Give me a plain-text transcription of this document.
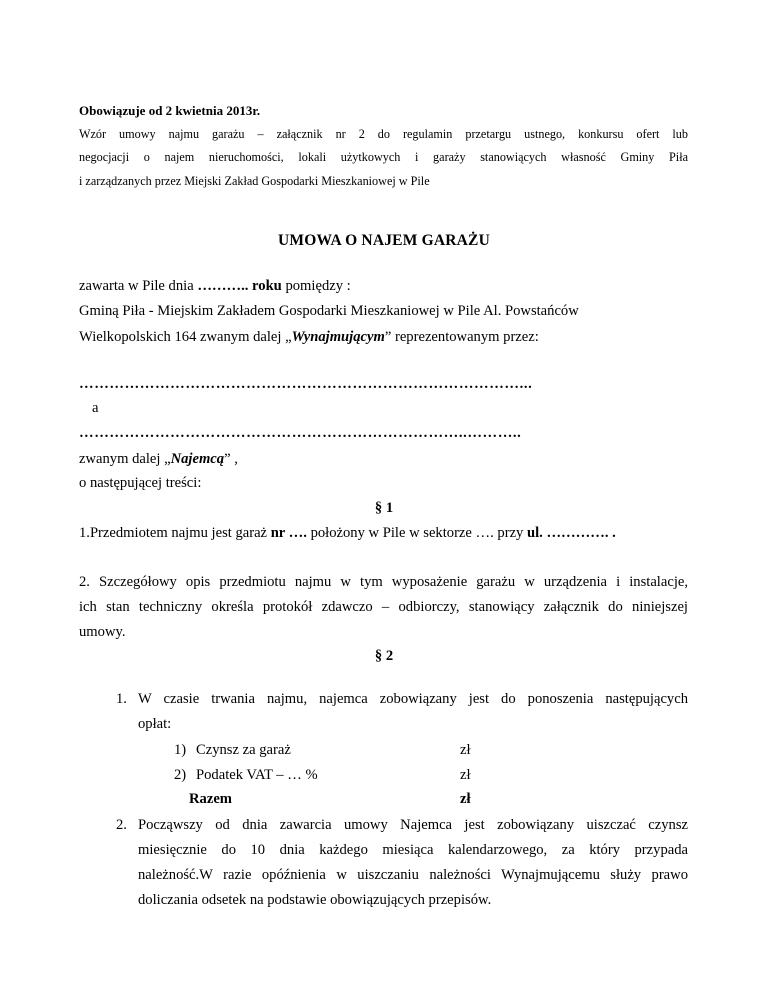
Obowiązuje od 2 kwietnia 2013r.
Wzór umowy najmu garażu – załącznik nr 2 do regulamin przetargu ustnego, konkursu ofert lub
negocjacji o najem nieruchomości, lokali użytkowych i garaży stanowiących własność Gminy Piła
i zarządzanych przez Miejski Zakład Gospodarki Mieszkaniowej w Pile
UMOWA O NAJEM GARAŻU
zawarta w Pile dnia ……….. roku pomiędzy :
Gminą Piła - Miejskim Zakładem Gospodarki Mieszkaniowej w Pile Al. Powstańców
Wielkopolskich 164 zwanym dalej „Wynajmującym” reprezentowanym przez:
……………………………………………………………………………...
a
…………………………………………………………………..………..
zwanym dalej „Najemcą” ,
o następującej treści:
§ 1
1.Przedmiotem najmu jest garaż nr …. położony w Pile w sektorze …. przy ul. …………. .
2. Szczegółowy opis przedmiotu najmu w tym wyposażenie garażu w urządzenia i instalacje,
ich stan techniczny określa protokół zdawczo – odbiorczy, stanowiący załącznik do niniejszej
umowy.
§ 2
1. W czasie trwania najmu, najemca zobowiązany jest do ponoszenia następujących
opłat:
1) Czynsz za garaż	zł
2) Podatek VAT – … %	zł
Razem	zł
2. Począwszy od dnia zawarcia umowy Najemca jest zobowiązany uiszczać czynsz
miesięcznie do 10 dnia każdego miesiąca kalendarzowego, za który przypada
należność.W razie opóźnienia w uiszczaniu należności Wynajmującemu służy prawo
doliczania odsetek na podstawie obowiązujących przepisów.
